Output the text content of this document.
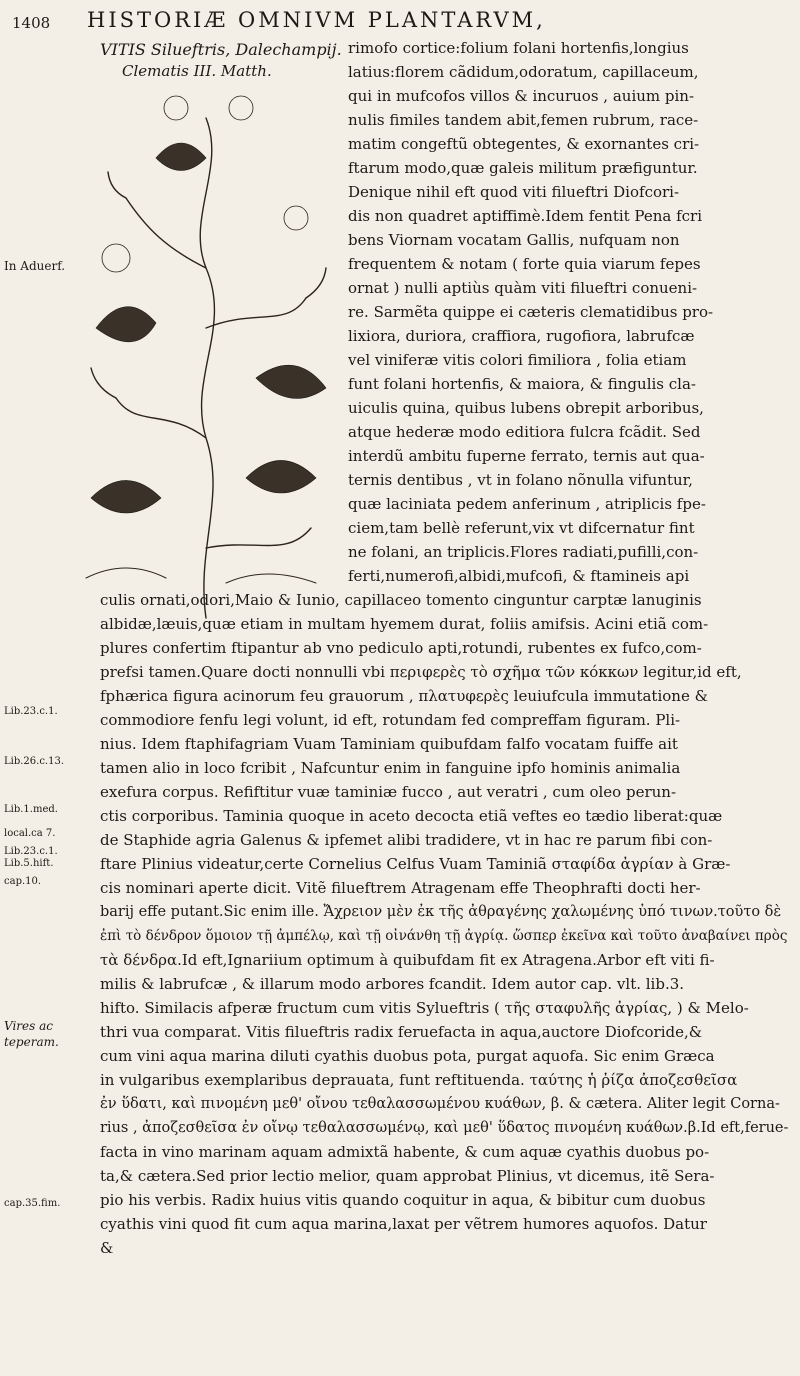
1408 HISTORIÆ OMNIVM PLANTARVM,
VITIS Silueftris, Dalechampij.
Clematis III. Matth.
rimofo cortice:folium folani hortenfis,longius
latius:florem cãdidum,odoratum, capillaceum,
qui in mufcofos villos & incuruos , auium pin-
nulis fimiles tandem abit,femen rubrum, race-
matim congeftũ obtegentes, & exornantes cri-
ftarum modo,quæ galeis militum præfiguntur.
Denique nihil eft quod viti filueftri Diofcori-
dis non quadret aptiffimè.Idem fentit Pena fcri
bens Viornam vocatam Gallis, nufquam non
frequentem & notam ( forte quia viarum fepes
ornat ) nulli aptiùs quàm viti filueftri conueni-
re. Sarmẽta quippe ei cæteris clematidibus pro-
lixiora, duriora, craffiora, rugofiora, labrufcæ
vel viniferæ vitis colori fimiliora , folia etiam
funt folani hortenfis, & maiora, & fingulis cla-
uiculis quina, quibus lubens obrepit arboribus,
atque hederæ modo editiora fulcra fcãdit. Sed
interdũ ambitu fuperne ferrato, ternis aut qua-
ternis dentibus , vt in folano nõnulla vifuntur,
quæ laciniata pedem anferinum , atriplicis fpe-
ciem,tam bellè referunt,vix vt difcernatur fint
ne folani, an triplicis.Flores radiati,pufilli,con-
ferti,numerofi,albidi,mufcofi, & ftamineis api
culis ornati,odori,Maio & Iunio, capillaceo tomento cinguntur carptæ lanuginis
albidæ,læuis,quæ etiam in multam hyemem durat, foliis amifsis. Acini etiã com-
plures confertim ftipantur ab vno pediculo apti,rotundi, rubentes ex fufco,com-
prefsi tamen.Quare docti nonnulli vbi περιφερὲς τὸ σχῆμα τῶν κόκκων legitur,id eft,
fphærica figura acinorum feu grauorum , πλατυφερὲς leuiufcula immutatione &
commodiore fenfu legi volunt, id eft, rotundam fed compreffam figuram. Pli-
nius. Idem ftaphifagriam Vuam Taminiam quibufdam falfo vocatam fuiffe ait
tamen alio in loco fcribit , Nafcuntur enim in fanguine ipfo hominis animalia
exefura corpus. Refiftitur vuæ taminiæ fucco , aut veratri , cum oleo perun-
ctis corporibus. Taminia quoque in aceto decocta etiã veftes eo tædio liberat:quæ
de Staphide agria Galenus & ipfemet alibi tradidere, vt in hac re parum fibi con-
ftare Plinius videatur,certe Cornelius Celfus Vuam Taminiã σταφίδα ἀγρίαν à Græ-
cis nominari aperte dicit. Vitẽ filueftrem Atragenam effe Theophrafti docti her-
barij effe putant.Sic enim ille. Ἄχρειον μὲν ἐκ τῆς ἀθραγένης χαλωμένης ὑπό τινων.τοῦτο δὲ
ἐπὶ τὸ δένδρον ὅμοιον τῇ ἀμπέλῳ, καὶ τῇ οἰνάνθη τῇ ἀγρίᾳ. ὥσπερ ἐκεῖνα καὶ τοῦτο ἀναβαίνει πρὸς
τὰ δένδρα.Id eft,Ignariium optimum à quibufdam fit ex Atragena.Arbor eft viti fi-
milis & labrufcæ , & illarum modo arbores fcandit. Idem autor cap. vlt. lib.3.
hifto. Similacis afperæ fructum cum vitis Sylueftris ( τῆς σταφυλῆς ἀγρίας, ) & Melo-
thri vua comparat. Vitis filueftris radix feruefacta in aqua,auctore Diofcoride,&
cum vini aqua marina diluti cyathis duobus pota, purgat aquofa. Sic enim Græca
in vulgaribus exemplaribus deprauata, funt reftituenda. ταύτης ἡ ῥίζα ἀποζεσθεῖσα
ἐν ὕδατι, καὶ πινομένη μεθ' οἴνου τεθαλασσωμένου κυάθων, β. & cætera. Aliter legit Corna-
rius , ἀποζεσθεῖσα ἐν οἴνῳ τεθαλασσωμένῳ, καὶ μεθ' ὕδατος πινομένη κυάθων.β.Id eft,ferue-
facta in vino marinam aquam admixtã habente, & cum aquæ cyathis duobus po-
ta,& cætera.Sed prior lectio melior, quam approbat Plinius, vt dicemus, itẽ Sera-
pio his verbis. Radix huius vitis quando coquitur in aqua, & bibitur cum duobus
cyathis vini quod fit cum aqua marina,laxat per vẽtrem humores aquofos. Datur
&
In Aduerf.
Lib.23.c.1.
Lib.26.c.13.
Lib.1.med.
local.ca 7.
Lib.23.c.1.
Lib.5.hift.
cap.10.
Vires ac
teperam.
cap.35.fim.
